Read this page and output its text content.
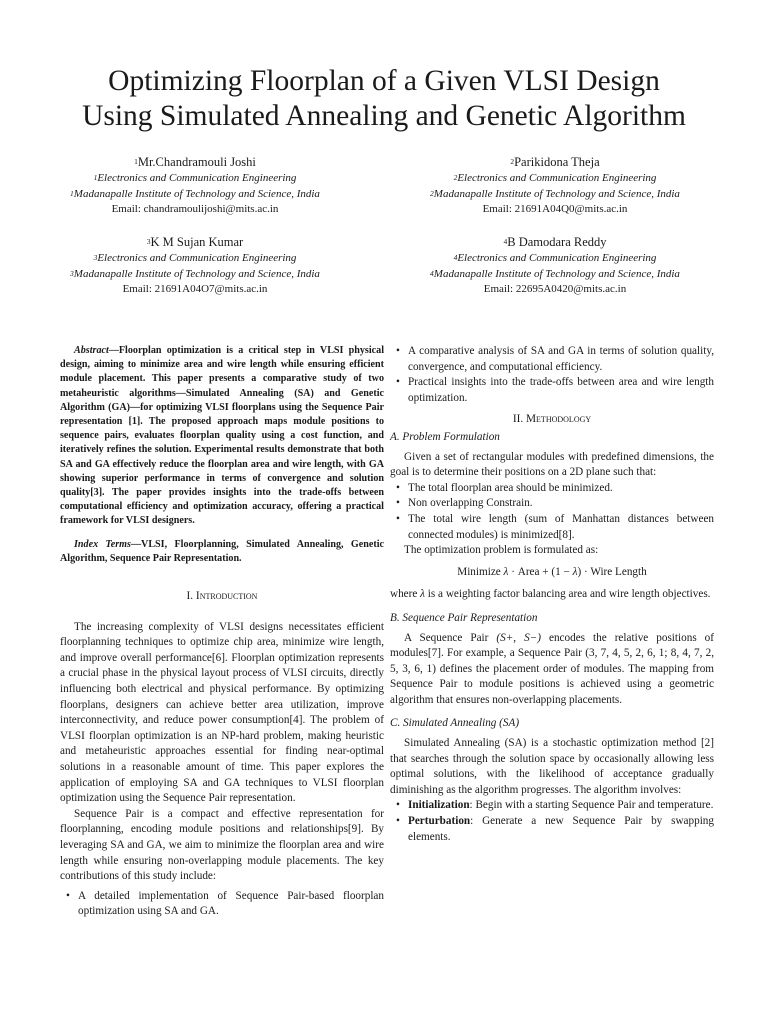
Optimizing Floorplan of a Given VLSI Design
Using Simulated Annealing and Genetic Algorithm
$^1$Mr.Chandramouli Joshi
$^1$Electronics and Communication Engineering
$^1$Madanapalle Institute of Technology and Science, India
Email: chandramoulijoshi@mits.ac.in
$^2$Parikidona Theja
$^2$Electronics and Communication Engineering
$^2$Madanapalle Institute of Technology and Science, India
Email: 21691A04Q0@mits.ac.in
$^3$K M Sujan Kumar
$^3$Electronics and Communication Engineering
$^3$Madanapalle Institute of Technology and Science, India
Email: 21691A04O7@mits.ac.in
$^4$B Damodara Reddy
$^4$Electronics and Communication Engineering
$^4$Madanapalle Institute of Technology and Science, India
Email: 22695A0420@mits.ac.in

Abstract—Floorplan optimization is a critical step in VLSI physical design, aiming to minimize area and wire length while ensuring efficient module placement. This paper presents a comparative study of two metaheuristic algorithms—Simulated Annealing (SA) and Genetic Algorithm (GA)—for optimizing VLSI floorplans using the Sequence Pair representation [1]. The proposed approach maps module positions to sequence pairs, evaluates floorplan quality using a cost function, and iteratively refines the solution. Experimental results demonstrate that both SA and GA effectively reduce the floorplan area and wire length, with GA showing superior performance in terms of convergence and solution quality[3]. The paper provides insights into the trade-offs between computational efficiency and optimization accuracy, offering a practical framework for VLSI designers.

Index Terms—VLSI, Floorplanning, Simulated Annealing, Genetic Algorithm, Sequence Pair Representation.

I. Introduction

The increasing complexity of VLSI designs necessitates efficient floorplanning techniques to optimize chip area, minimize wire length, and improve overall performance[6]. Floorplan optimization represents a crucial phase in the physical layout process of VLSI circuits, directly influencing both electrical and physical performance. By optimizing floorplans, designers can achieve better area utilization, improve interconnectivity, and reduce power consumption[4]. The problem of VLSI floorplan optimization is an NP-hard problem, making heuristic and metaheuristic approaches essential for finding near-optimal solutions in a reasonable amount of time. This paper explores the application of employing SA and GA techniques to VLSI floorplan optimization using the Sequence Pair representation.

Sequence Pair is a compact and effective representation for floorplanning, encoding module positions and relationships[9]. By leveraging SA and GA, we aim to minimize the floorplan area and wire length while ensuring non-overlapping module placements. The key contributions of this study include:

• A detailed implementation of Sequence Pair-based floorplan optimization using SA and GA.
• A comparative analysis of SA and GA in terms of solution quality, convergence, and computational efficiency.
• Practical insights into the trade-offs between area and wire length optimization.

II. Methodology

A. Problem Formulation

Given a set of rectangular modules with predefined dimensions, the goal is to determine their positions on a 2D plane such that:

• The total floorplan area should be minimized.
• Non overlapping Constrain.
• The total wire length (sum of Manhattan distances between connected modules) is minimized[8].

The optimization problem is formulated as:

Minimize λ · Area + (1 − λ) · Wire Length

where λ is a weighting factor balancing area and wire length objectives.

B. Sequence Pair Representation

A Sequence Pair (S+, S−) encodes the relative positions of modules[7]. For example, a Sequence Pair (3, 7, 4, 5, 2, 6, 1; 8, 4, 7, 2, 5, 3, 6, 1) defines the placement order of modules. The mapping from Sequence Pair to module positions is achieved using a geometric algorithm that ensures non-overlapping placements.

C. Simulated Annealing (SA)

Simulated Annealing (SA) is a stochastic optimization method [2] that searches through the solution space by occasionally allowing less optimal solutions, with the likelihood of acceptance gradually diminishing as the algorithm progresses. The algorithm involves:

• Initialization: Begin with a starting Sequence Pair and temperature.
• Perturbation: Generate a new Sequence Pair by swapping elements.
